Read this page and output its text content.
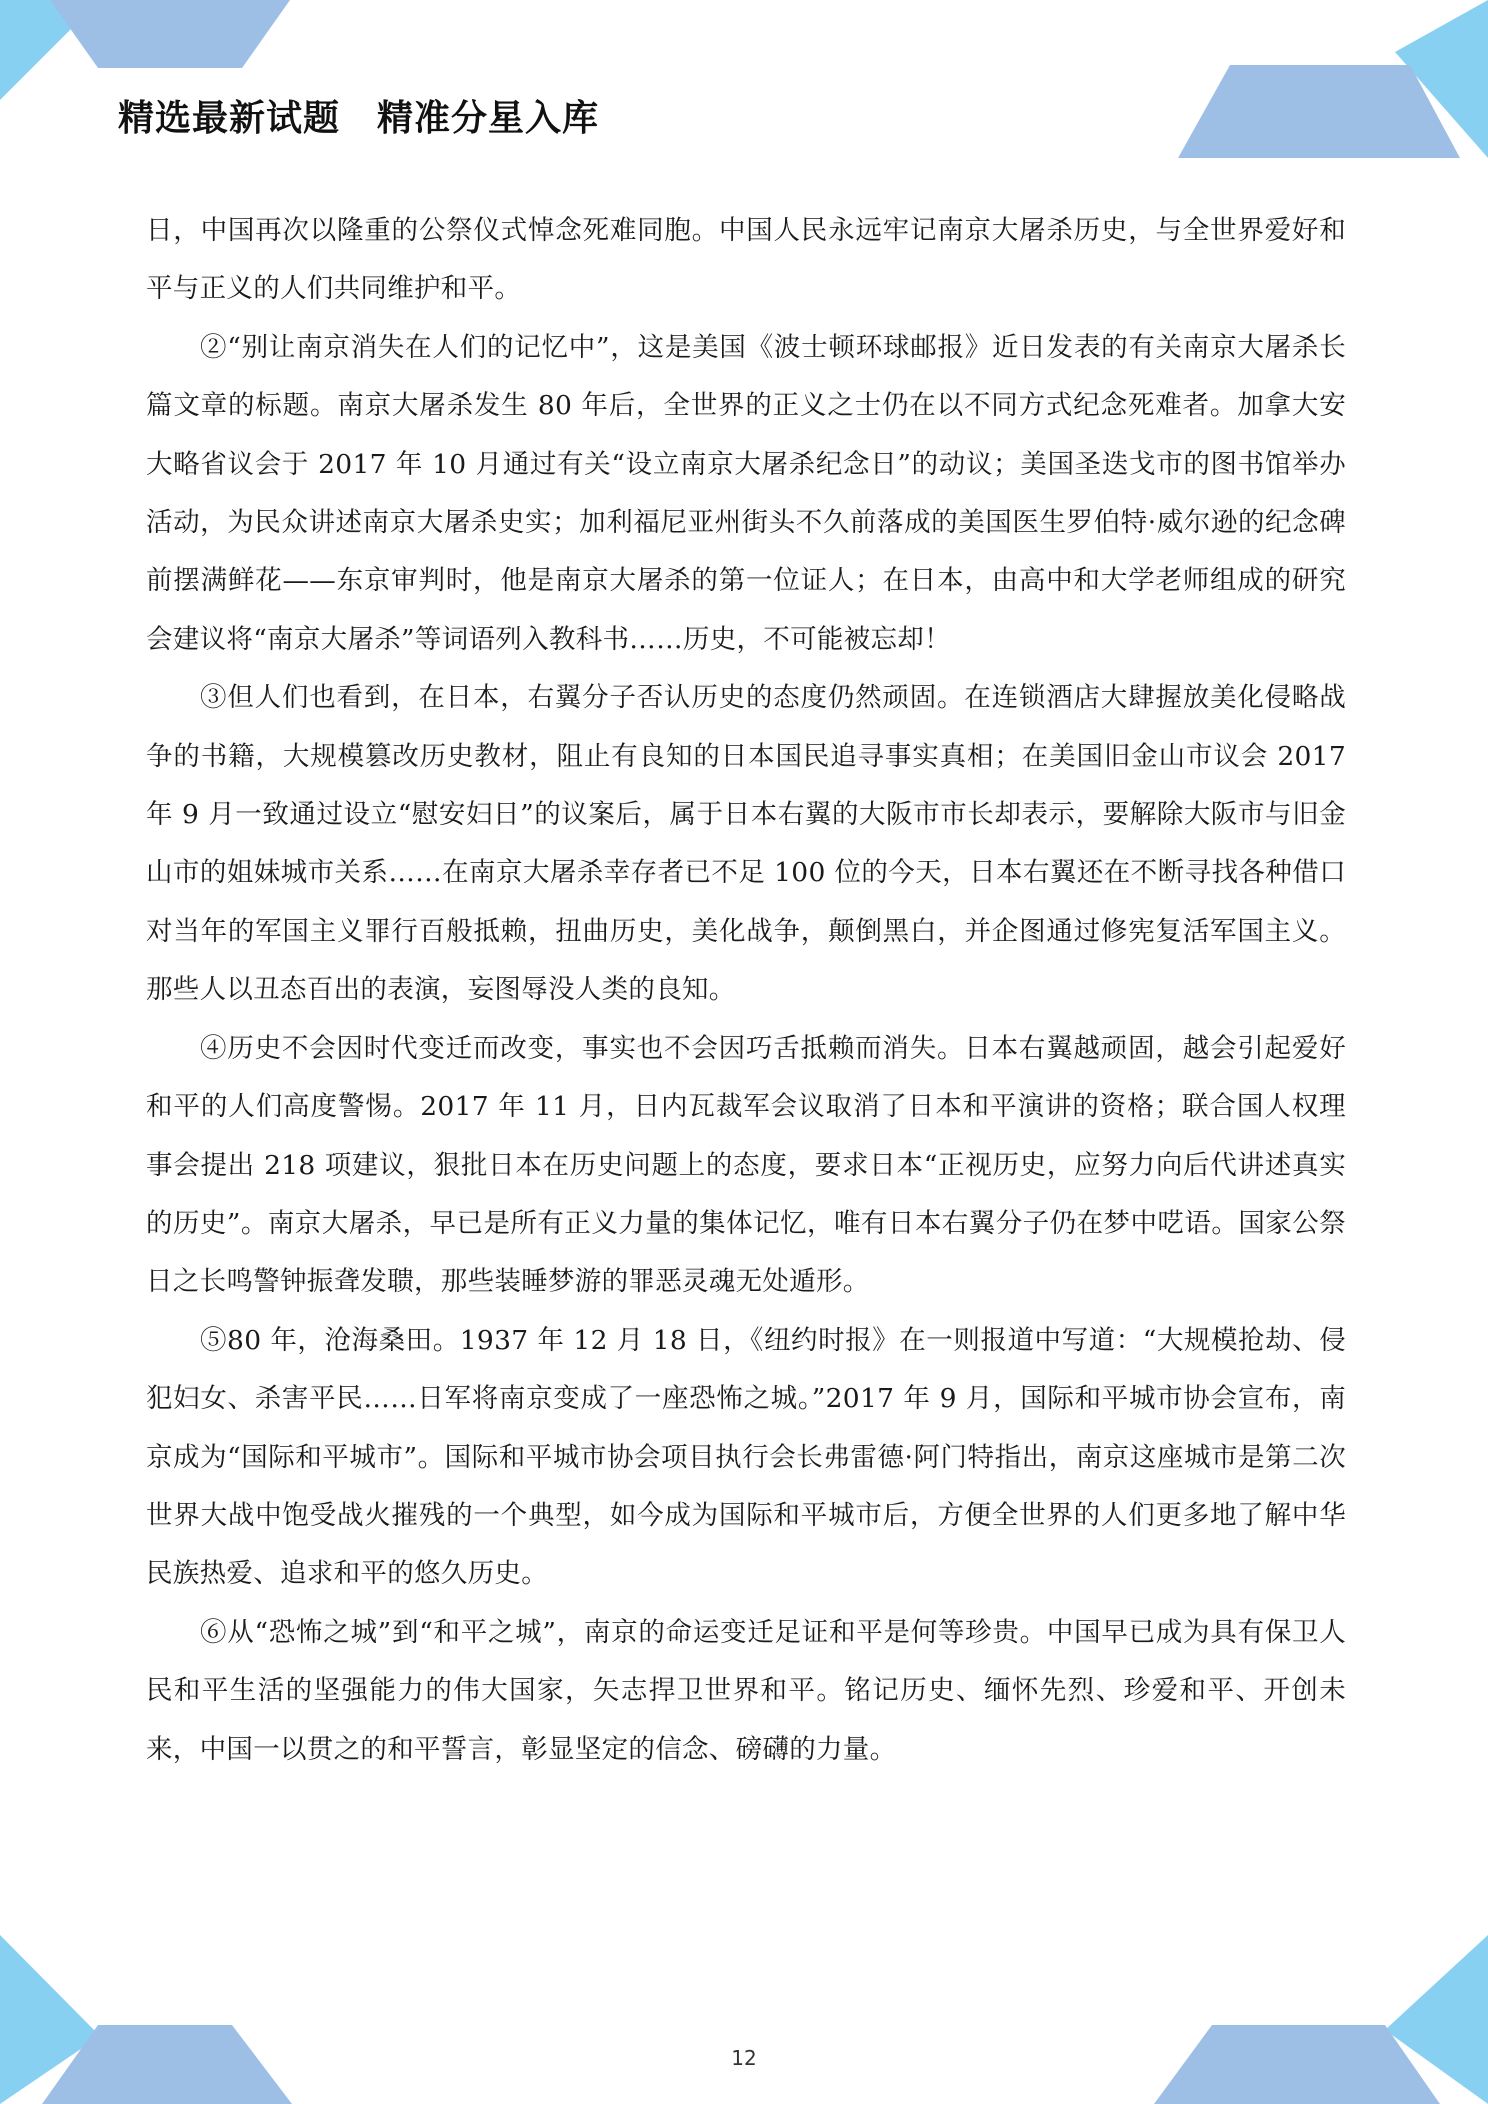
精选最新试题　精准分星入库

日，中国再次以隆重的公祭仪式悼念死难同胞。中国人民永远牢记南京大屠杀历史，与全世界爱好和平与正义的人们共同维护和平。

②“别让南京消失在人们的记忆中”，这是美国《波士顿环球邮报》近日发表的有关南京大屠杀长篇文章的标题。南京大屠杀发生 80 年后，全世界的正义之士仍在以不同方式纪念死难者。加拿大安大略省议会于 2017 年 10 月通过有关“设立南京大屠杀纪念日”的动议；美国圣迭戈市的图书馆举办活动，为民众讲述南京大屠杀史实；加利福尼亚州街头不久前落成的美国医生罗伯特·威尔逊的纪念碑前摆满鲜花——东京审判时，他是南京大屠杀的第一位证人；在日本，由高中和大学老师组成的研究会建议将“南京大屠杀”等词语列入教科书……历史，不可能被忘却！

③但人们也看到，在日本，右翼分子否认历史的态度仍然顽固。在连锁酒店大肆握放美化侵略战争的书籍，大规模篡改历史教材，阻止有良知的日本国民追寻事实真相；在美国旧金山市议会 2017 年 9 月一致通过设立“慰安妇日”的议案后，属于日本右翼的大阪市市长却表示，要解除大阪市与旧金山市的姐妹城市关系……在南京大屠杀幸存者已不足 100 位的今天，日本右翼还在不断寻找各种借口对当年的军国主义罪行百般抵赖，扭曲历史，美化战争，颠倒黑白，并企图通过修宪复活军国主义。那些人以丑态百出的表演，妄图辱没人类的良知。

④历史不会因时代变迁而改变，事实也不会因巧舌抵赖而消失。日本右翼越顽固，越会引起爱好和平的人们高度警惕。2017 年 11 月，日内瓦裁军会议取消了日本和平演讲的资格；联合国人权理事会提出 218 项建议，狠批日本在历史问题上的态度，要求日本“正视历史，应努力向后代讲述真实的历史”。南京大屠杀，早已是所有正义力量的集体记忆，唯有日本右翼分子仍在梦中呓语。国家公祭日之长鸣警钟振聋发聩，那些装睡梦游的罪恶灵魂无处遁形。

⑤80 年，沧海桑田。1937 年 12 月 18 日，《纽约时报》在一则报道中写道：“大规模抢劫、侵犯妇女、杀害平民……日军将南京变成了一座恐怖之城。”2017 年 9 月，国际和平城市协会宣布，南京成为“国际和平城市”。国际和平城市协会项目执行会长弗雷德·阿门特指出，南京这座城市是第二次世界大战中饱受战火摧残的一个典型，如今成为国际和平城市后，方便全世界的人们更多地了解中华民族热爱、追求和平的悠久历史。

⑥从“恐怖之城”到“和平之城”，南京的命运变迁足证和平是何等珍贵。中国早已成为具有保卫人民和平生活的坚强能力的伟大国家，矢志捍卫世界和平。铭记历史、缅怀先烈、珍爱和平、开创未来，中国一以贯之的和平誓言，彰显坚定的信念、磅礴的力量。

12
